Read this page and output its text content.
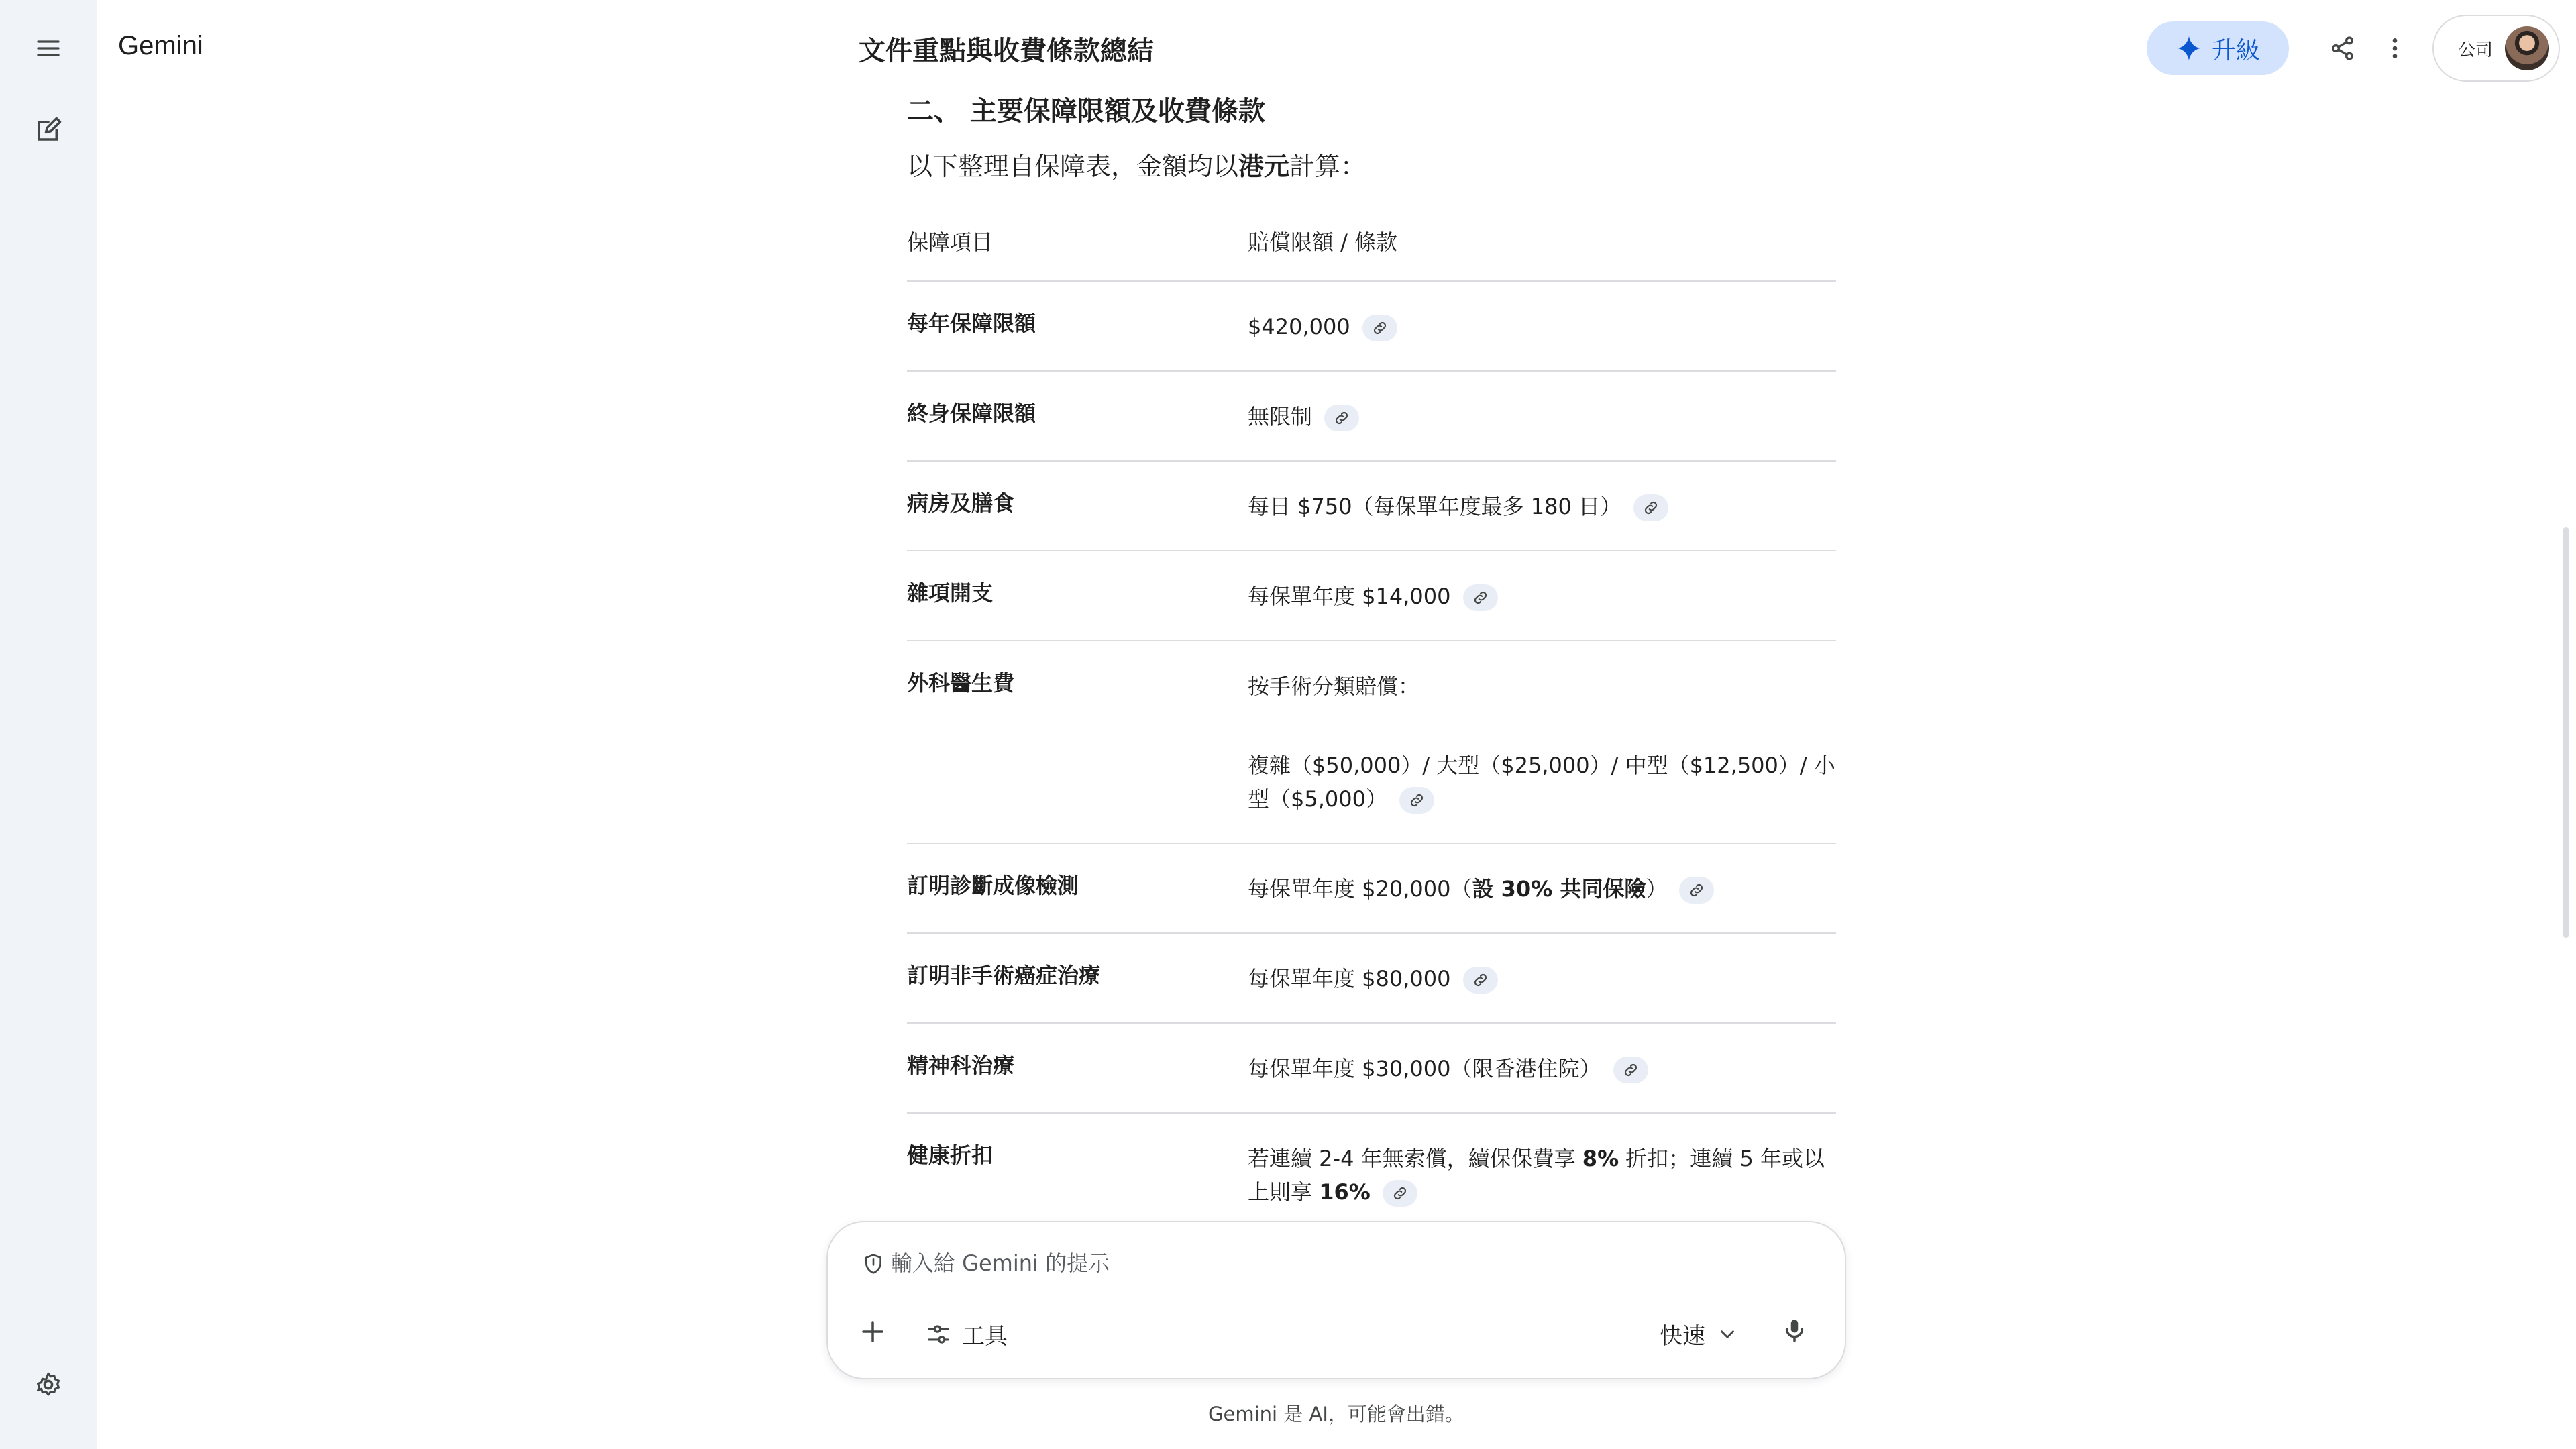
Gemini	文件重點與收費條款總結	升級	公司
二、 主要保障限額及收費條款
以下整理自保障表，金額均以港元計算：
保障項目	賠償限額 / 條款
每年保障限額	$420,000

終身保障限額	無限制

病房及膳食	每日 $750（每保單年度最多 180 日）

雜項開支	每保單年度 $14,000

外科醫生費	按手術分類賠償：
複雜（$50,000）/ 大型（$25,000）/ 中型（$12,500）/ 小型（$5,000）

訂明診斷成像檢測	每保單年度 $20,000（設 30% 共同保險）

訂明非手術癌症治療	每保單年度 $80,000

精神科治療	每保單年度 $30,000（限香港住院）

健康折扣	若連續 2-4 年無索償，續保保費享 8% 折扣；連續 5 年或以上則享 16%
輸入給 Gemini 的提示
工具	快速
Gemini 是 AI，可能會出錯。
